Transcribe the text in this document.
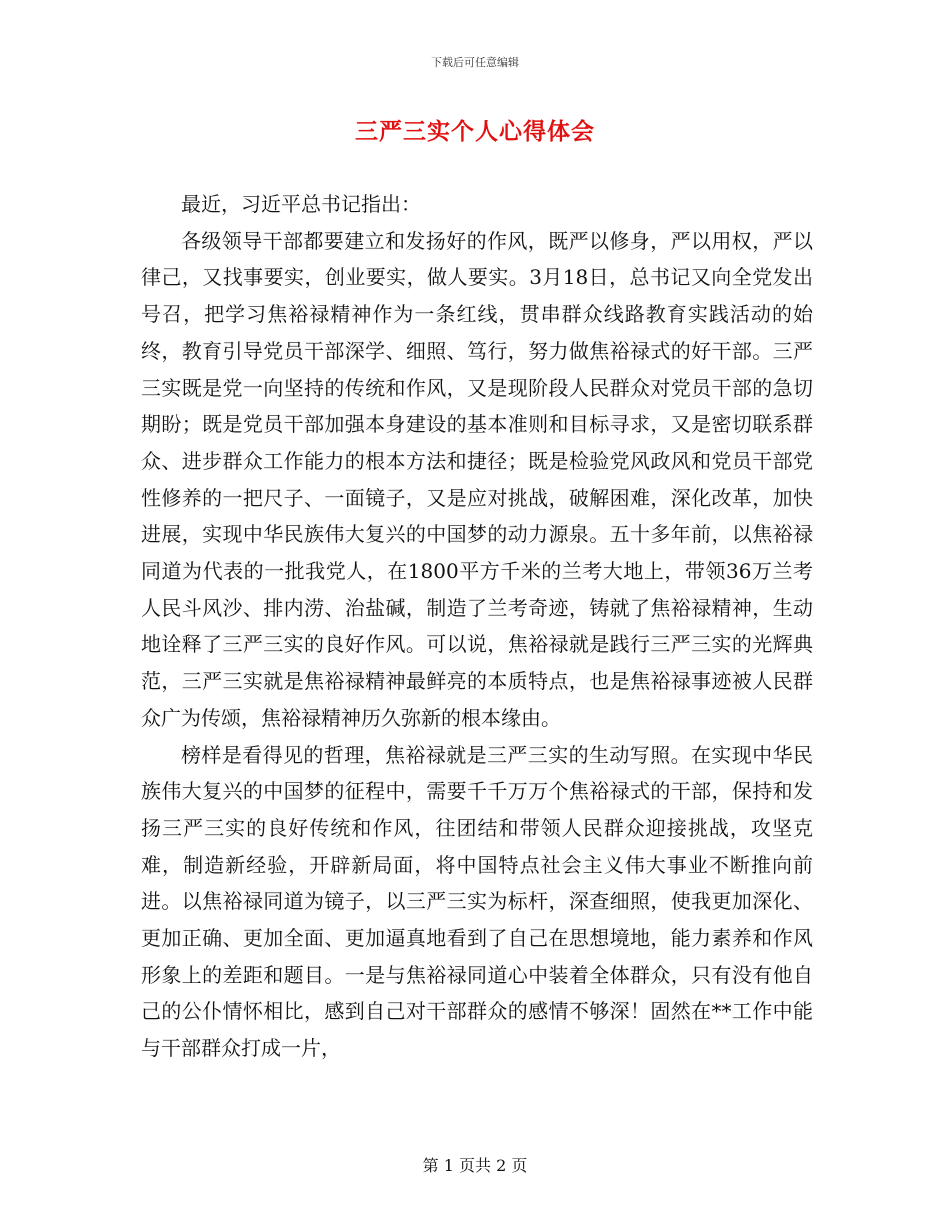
下载后可任意编辑
三严三实个人心得体会

最近，习近平总书记指出：

各级领导干部都要建立和发扬好的作风，既严以修身，严以用权，严以律己，又找事要实，创业要实，做人要实。3月18日，总书记又向全党发出号召，把学习焦裕禄精神作为一条红线，贯串群众线路教育实践活动的始终，教育引导党员干部深学、细照、笃行，努力做焦裕禄式的好干部。三严三实既是党一向坚持的传统和作风，又是现阶段人民群众对党员干部的急切期盼；既是党员干部加强本身建设的基本准则和目标寻求，又是密切联系群众、进步群众工作能力的根本方法和捷径；既是检验党风政风和党员干部党性修养的一把尺子、一面镜子，又是应对挑战，破解困难，深化改革，加快进展，实现中华民族伟大复兴的中国梦的动力源泉。五十多年前，以焦裕禄同道为代表的一批我党人，在1800平方千米的兰考大地上，带领36万兰考人民斗风沙、排内涝、治盐碱，制造了兰考奇迹，铸就了焦裕禄精神，生动地诠释了三严三实的良好作风。可以说，焦裕禄就是践行三严三实的光辉典范，三严三实就是焦裕禄精神最鲜亮的本质特点，也是焦裕禄事迹被人民群众广为传颂，焦裕禄精神历久弥新的根本缘由。

榜样是看得见的哲理，焦裕禄就是三严三实的生动写照。在实现中华民族伟大复兴的中国梦的征程中，需要千千万万个焦裕禄式的干部，保持和发扬三严三实的良好传统和作风，往团结和带领人民群众迎接挑战，攻坚克难，制造新经验，开辟新局面，将中国特点社会主义伟大事业不断推向前进。以焦裕禄同道为镜子，以三严三实为标杆，深查细照，使我更加深化、更加正确、更加全面、更加逼真地看到了自己在思想境地，能力素养和作风形象上的差距和题目。一是与焦裕禄同道心中装着全体群众，只有没有他自己的公仆情怀相比，感到自己对干部群众的感情不够深！固然在**工作中能与干部群众打成一片，

第 1 页共 2 页
